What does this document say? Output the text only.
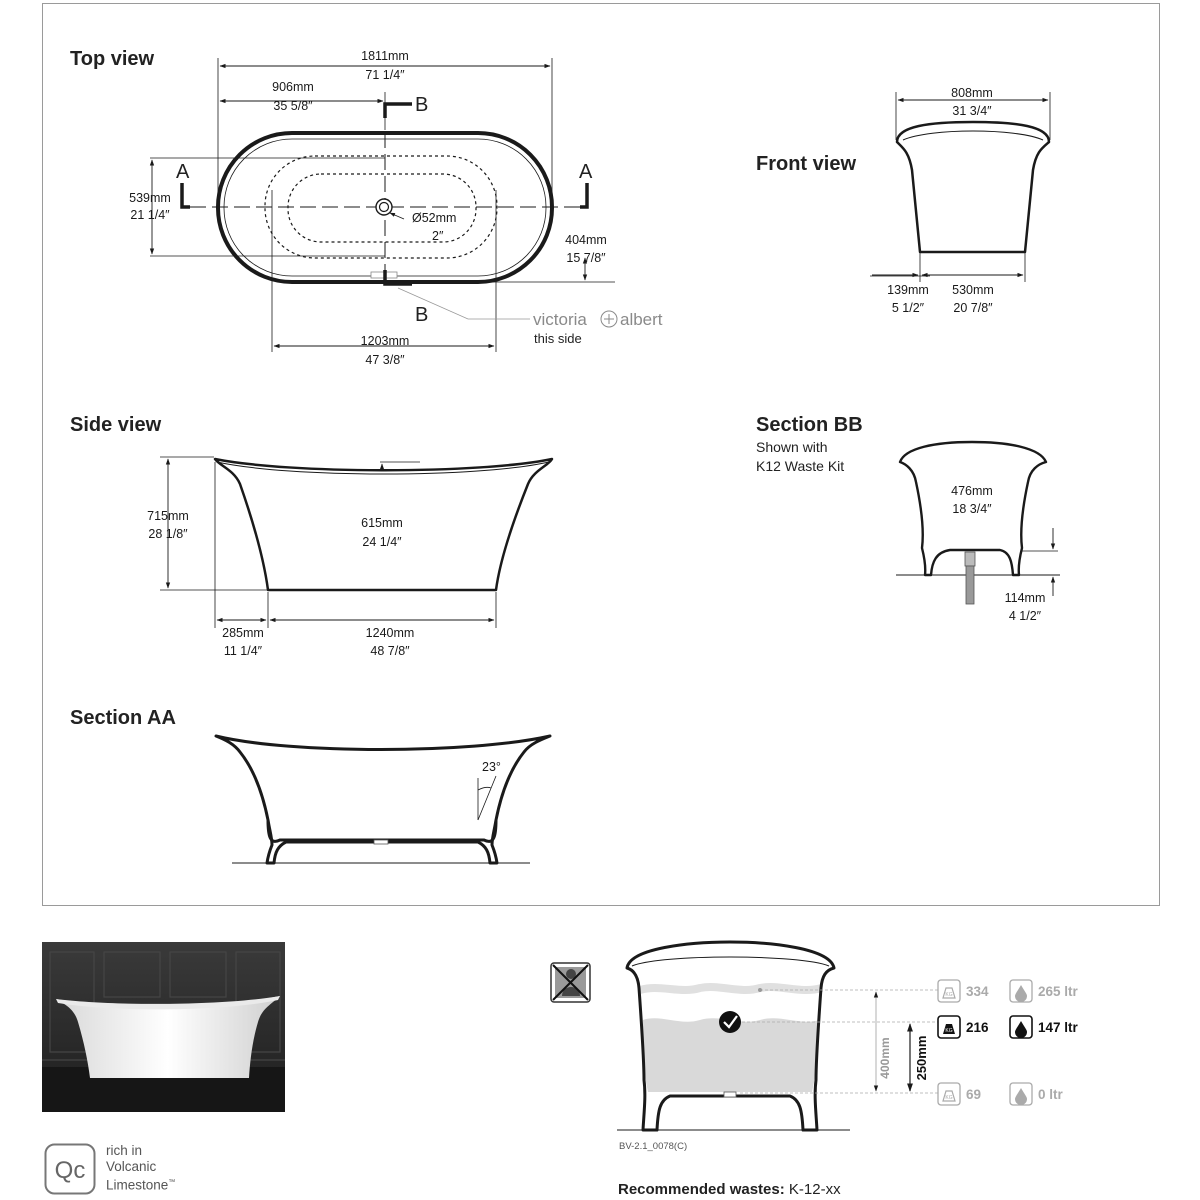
Top view
A	A
B
B
1811mm
71 1/4″
906mm
35 5/8″
539mm
21 1/4″	Ø52mm
2″	404mm
15 7/8″
1203mm
47 3/8″
victoria albert
this side
Front view
808mm
31 3/4″
139mm
5 1/2″
530mm
20 7/8″
Side view
715mm
28 1/8″
615mm
24 1/4″
285mm
11 1/4″
1240mm
48 7/8″
Section BB
Shown with
K12 Waste Kit
476mm
18 3/4″
114mm
4 1/2″
Section AA
23°
400mm 250mm
KG 334	265 ltr
KG 216	147 ltr
KG 69	0 ltr
BV-2.1_0078(C)
Qc
rich in
Volcanic
Limestone™	Recommended wastes: K-12-xx
